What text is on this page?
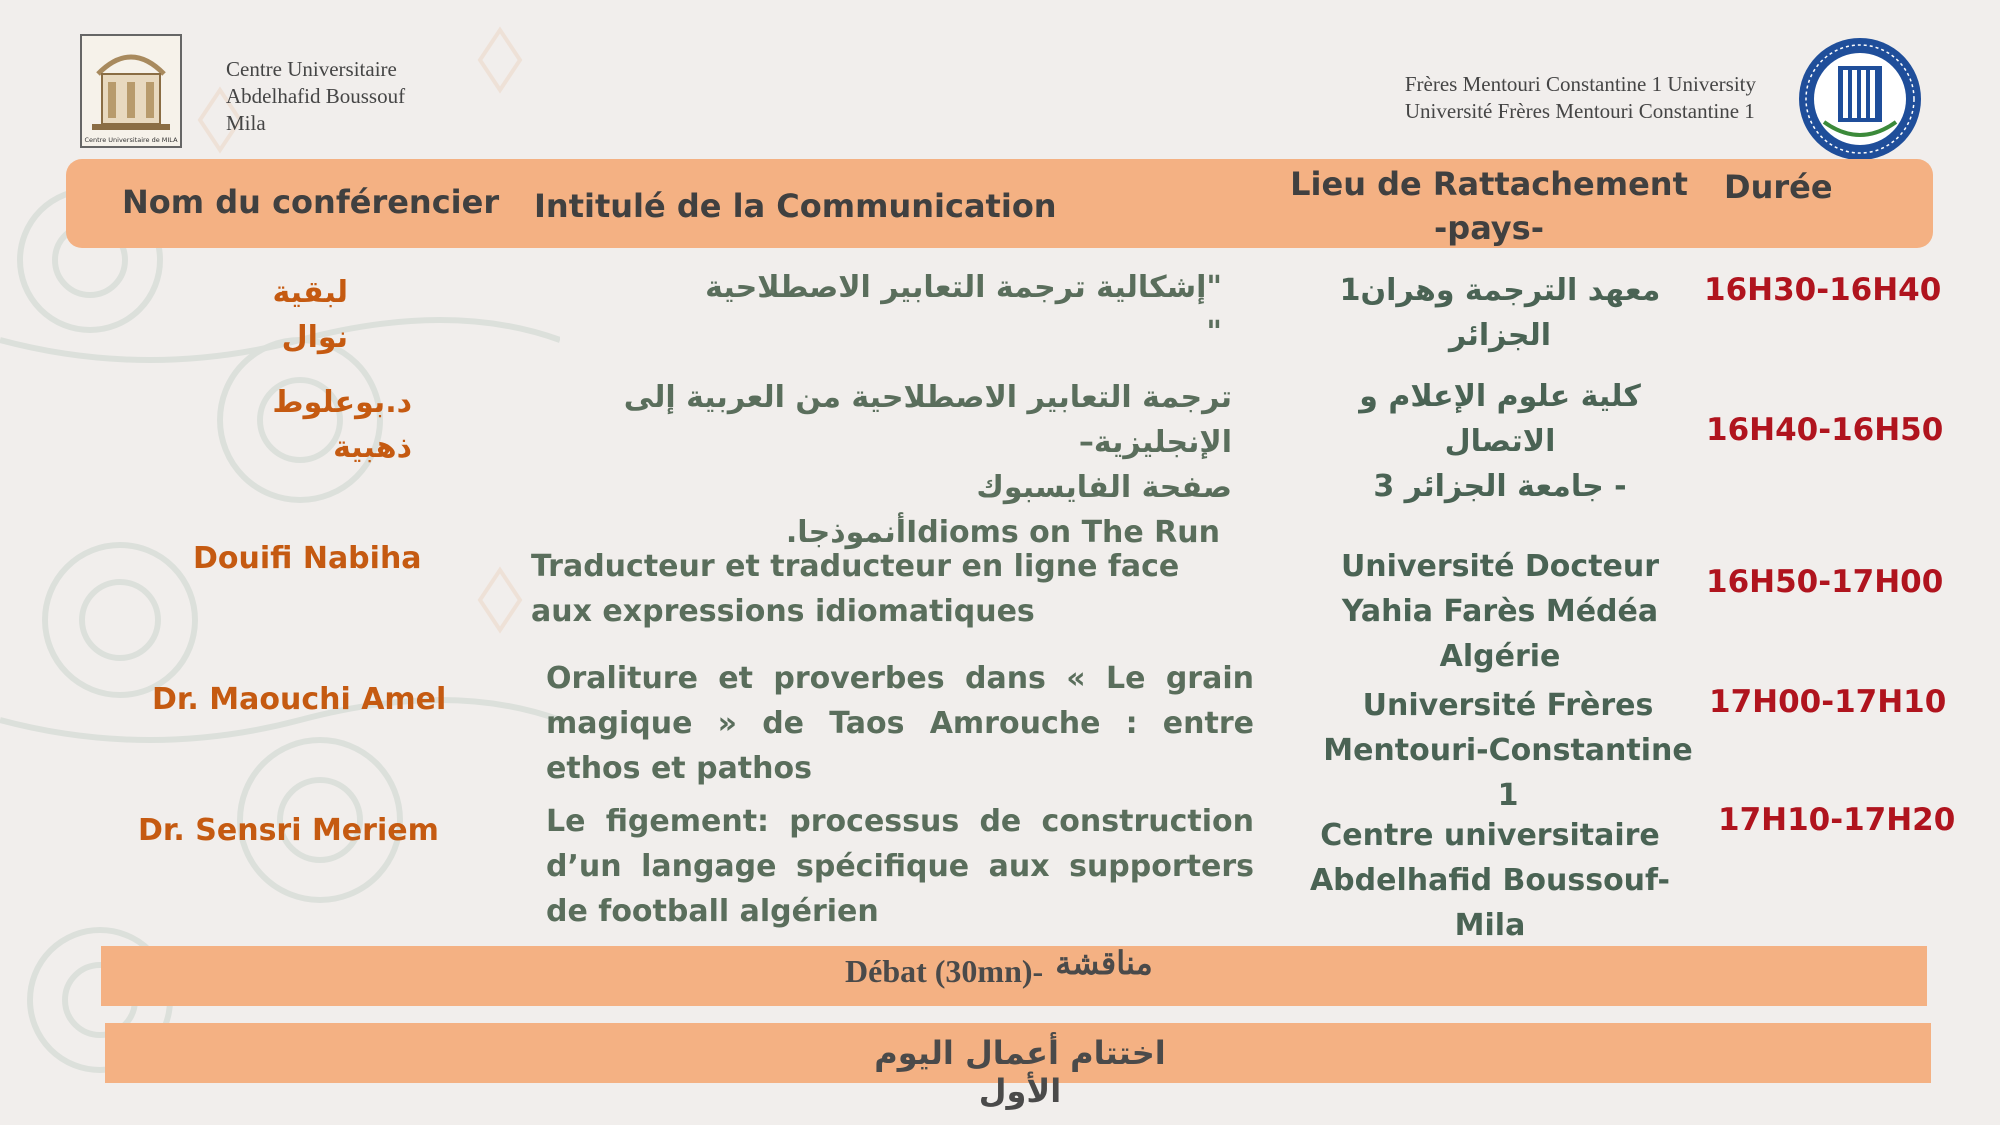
Centre Universitaire de MILA
Centre Universitaire
Abdelhafid Boussouf
Mila
Frères Mentouri Constantine 1 University
Université Frères Mentouri Constantine 1
Nom du conférencier Intitulé de la Communication
Lieu de Rattachement
-pays-
Durée
لبقية نوال
"إشكالية ترجمة التعابير الاصطلاحية "
معهد الترجمة وهران1
الجزائر
16H30-16H40
د.بوعلوط ذهبية
ترجمة التعابير الاصطلاحية من العربية إلى الإنجليزية–
صفحة الفايسبوك
Idioms on The Runأنموذجا.
كلية علوم الإعلام و الاتصال
- جامعة الجزائر 3
16H40-16H50
Douifi Nabiha	Traducteur et traducteur en ligne face aux expressions idiomatiques
Université Docteur
Yahia Farès Médéa
Algérie
16H50-17H00
Dr. Maouchi Amel
Oraliture et proverbes dans « Le grain magique » de Taos Amrouche : entre ethos et pathos
Université Frères
Mentouri-Constantine
1
17H00-17H10
Dr. Sensri Meriem	Le figement: processus de construction d’un langage spécifique aux supporters de football algérien
Centre universitaire
Abdelhafid Boussouf-
Mila
17H10-17H20
Débat (30mn)- مناقشة
اختتام أعمال اليوم الأول
